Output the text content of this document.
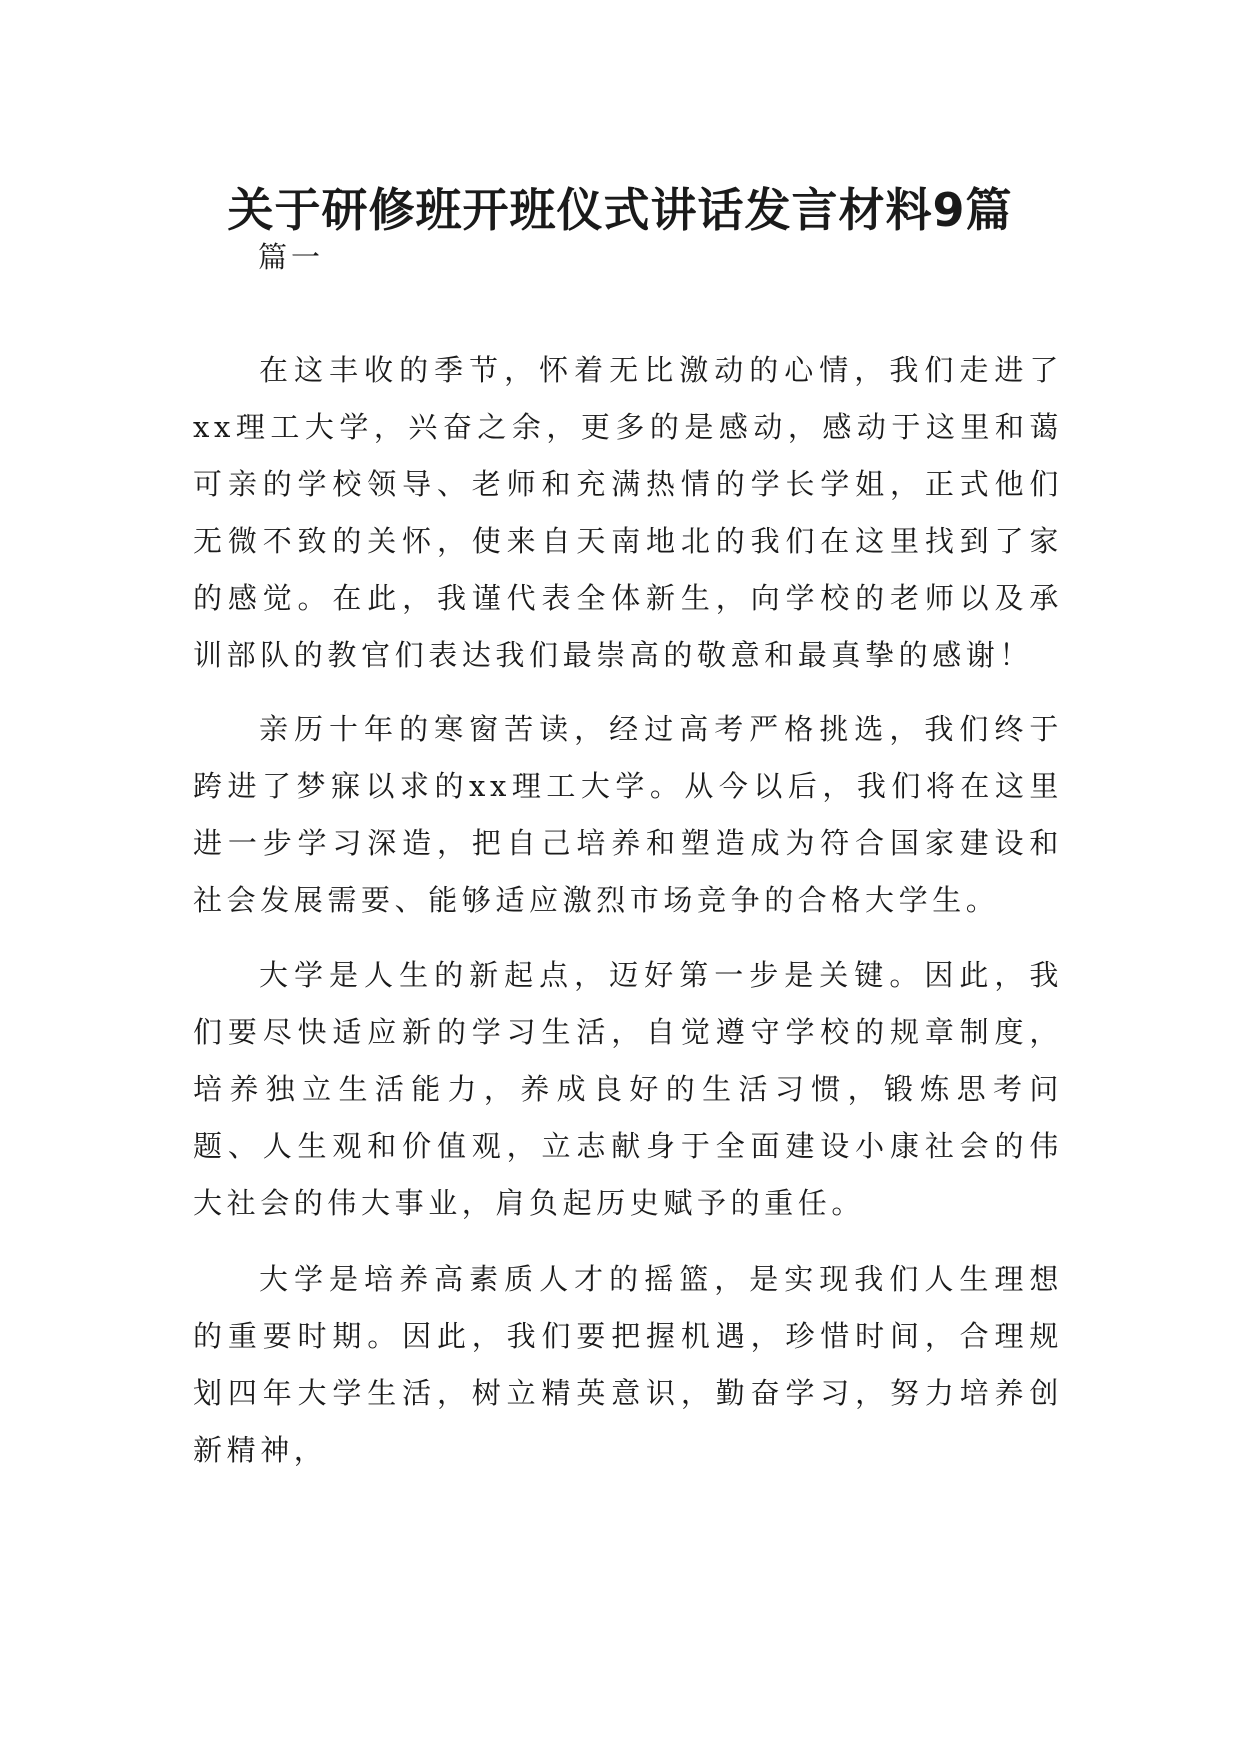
关于研修班开班仪式讲话发言材料9篇

篇一

在这丰收的季节，怀着无比激动的心情，我们走进了xx理工大学，兴奋之余，更多的是感动，感动于这里和蔼可亲的学校领导、老师和充满热情的学长学姐，正式他们无微不致的关怀，使来自天南地北的我们在这里找到了家的感觉。在此，我谨代表全体新生，向学校的老师以及承训部队的教官们表达我们最崇高的敬意和最真挚的感谢！

亲历十年的寒窗苦读，经过高考严格挑选，我们终于跨进了梦寐以求的xx理工大学。从今以后，我们将在这里进一步学习深造，把自己培养和塑造成为符合国家建设和社会发展需要、能够适应激烈市场竞争的合格大学生。

大学是人生的新起点，迈好第一步是关键。因此，我们要尽快适应新的学习生活，自觉遵守学校的规章制度，培养独立生活能力，养成良好的生活习惯，锻炼思考问题、人生观和价值观，立志献身于全面建设小康社会的伟大社会的伟大事业，肩负起历史赋予的重任。

大学是培养高素质人才的摇篮，是实现我们人生理想的重要时期。因此，我们要把握机遇，珍惜时间，合理规划四年大学生活，树立精英意识，勤奋学习，努力培养创新精神，
